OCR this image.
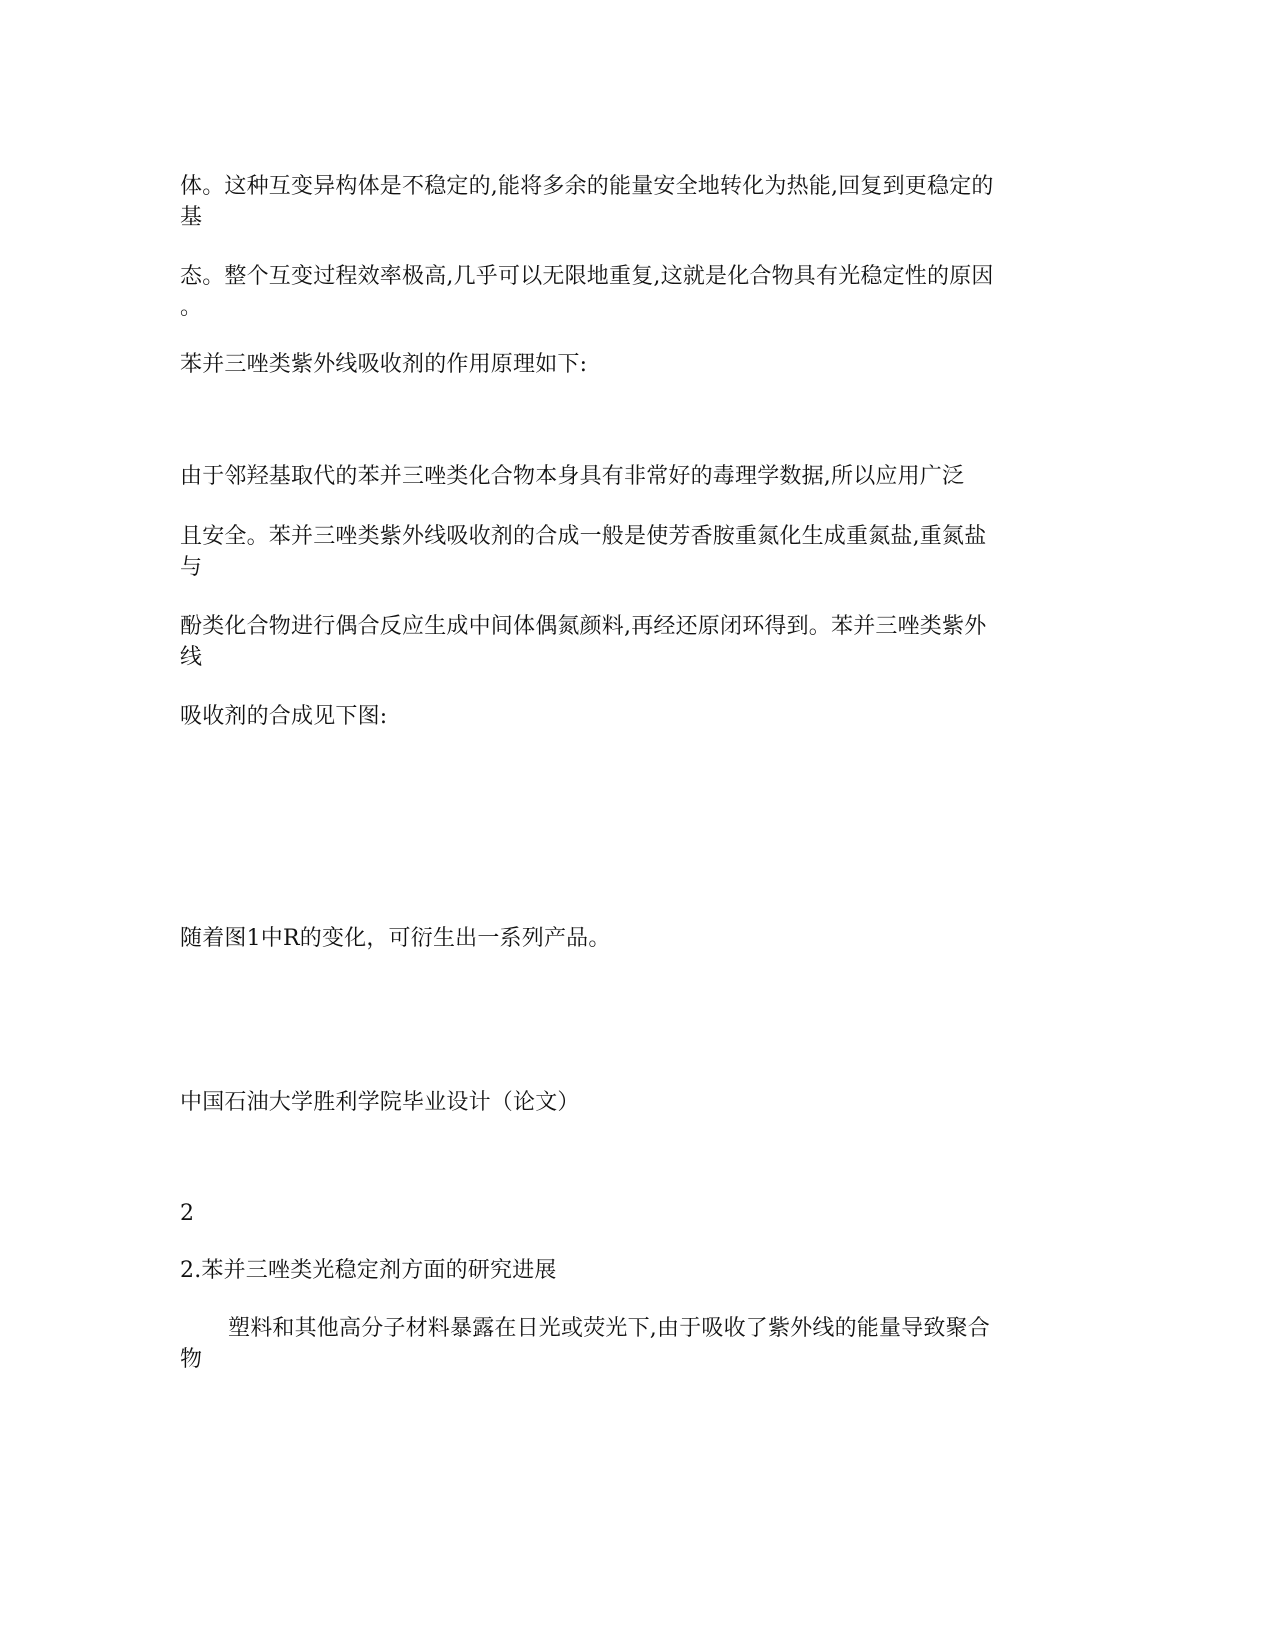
体。这种互变异构体是不稳定的,能将多余的能量安全地转化为热能,回复到更稳定的
基
态。整个互变过程效率极高,几乎可以无限地重复,这就是化合物具有光稳定性的原因
。
苯并三唑类紫外线吸收剂的作用原理如下:
由于邻羟基取代的苯并三唑类化合物本身具有非常好的毒理学数据,所以应用广泛
且安全。苯并三唑类紫外线吸收剂的合成一般是使芳香胺重氮化生成重氮盐,重氮盐
与
酚类化合物进行偶合反应生成中间体偶氮颜料,再经还原闭环得到。苯并三唑类紫外
线
吸收剂的合成见下图:
随着图1中R的变化，可衍生出一系列产品。
中国石油大学胜利学院毕业设计（论文）
2
2.苯并三唑类光稳定剂方面的研究进展
塑料和其他高分子材料暴露在日光或荧光下,由于吸收了紫外线的能量导致聚合
物
